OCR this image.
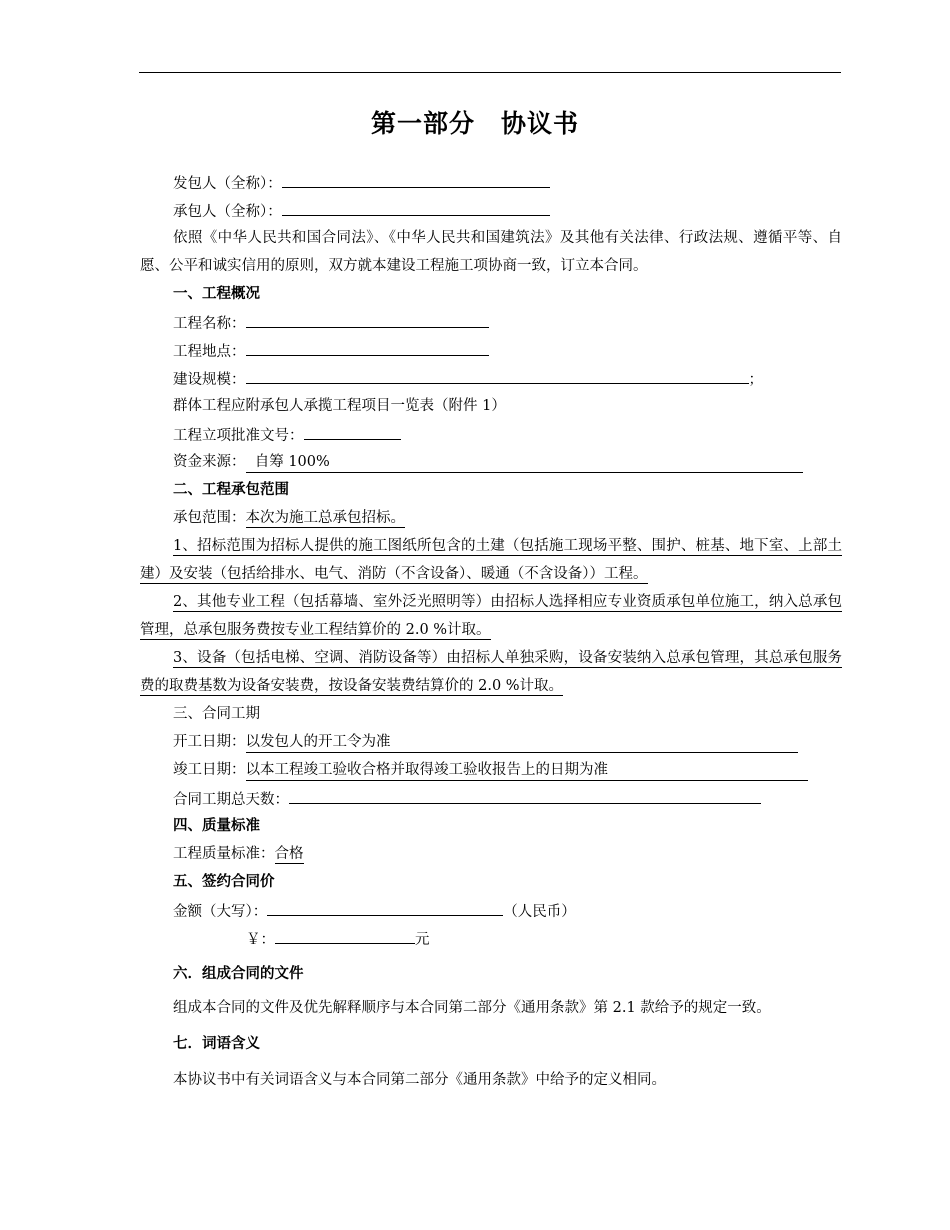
第一部分 协议书
发包人（全称）：
承包人（全称）：
依照《中华人民共和国合同法》、《中华人民共和国建筑法》及其他有关法律、行政法规、遵循平等、自愿、公平和诚实信用的原则，双方就本建设工程施工项协商一致，订立本合同。
一、工程概况
工程名称：
工程地点：
建设规模：	；
群体工程应附承包人承揽工程项目一览表（附件 1）
工程立项批准文号：
资金来源：  自筹 100%
二、工程承包范围
承包范围：本次为施工总承包招标。
1、招标范围为招标人提供的施工图纸所包含的土建（包括施工现场平整、围护、桩基、地下室、上部土建）及安装（包括给排水、电气、消防（不含设备）、暖通（不含设备））工程。
2、其他专业工程（包括幕墙、室外泛光照明等）由招标人选择相应专业资质承包单位施工，纳入总承包管理，总承包服务费按专业工程结算价的 2.0 %计取。
3、设备（包括电梯、空调、消防设备等）由招标人单独采购，设备安装纳入总承包管理，其总承包服务费的取费基数为设备安装费，按设备安装费结算价的 2.0 %计取。
三、合同工期
开工日期：以发包人的开工令为准
竣工日期：以本工程竣工验收合格并取得竣工验收报告上的日期为准
合同工期总天数：
四、质量标准
工程质量标准：合格
五、签约合同价
金额（大写）：	（人民币）
￥：	元
六．组成合同的文件
组成本合同的文件及优先解释顺序与本合同第二部分《通用条款》第 2.1 款给予的规定一致。
七．词语含义
本协议书中有关词语含义与本合同第二部分《通用条款》中给予的定义相同。
